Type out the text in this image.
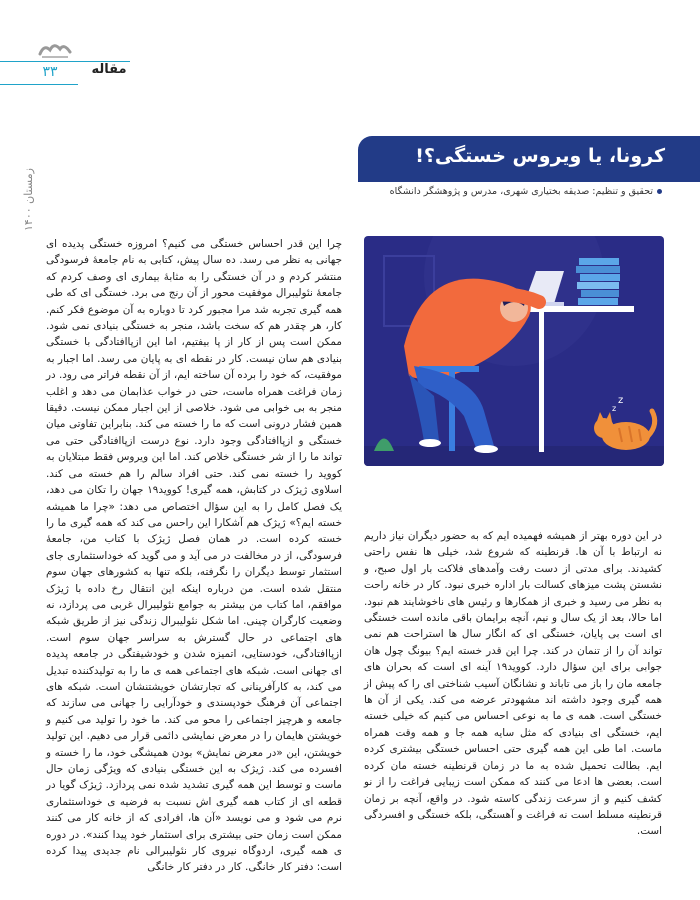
مقاله
۳۳
زمستان ۱۴۰۰
کرونا، یا ویروس خستگی؟!
تحقیق و تنظیم: صدیقه بختیاری شهری، مدرس و پژوهشگر دانشگاه
z
z

چرا این قدر احساس خستگی می کنیم؟ امروزه خستگی پدیده ای جهانی به نظر می رسد. ده سال پیش، کتابی به نام جامعهٔ فرسودگی منتشر کردم و در آن خستگی را به مثابهٔ بیماری ای وصف کردم که جامعهٔ نئولیبرال موفقیت محور از آن رنج می برد. خستگی ای که طی همه گیری تجربه شد مرا مجبور کرد تا دوباره به آن موضوع فکر کنم. کار، هر چقدر هم که سخت باشد، منجر به خستگی بنیادی نمی شود. ممکن است پس از کار از پا بیفتیم، اما این ازپاافتادگی با خستگی بنیادی هم سان نیست. کار در نقطه ای به پایان می رسد. اما اجبار به موفقیت، که خود را برده آن ساخته ایم، از آن نقطه فراتر می رود. در زمان فراغت همراه ماست، حتی در خواب عذابمان می دهد و اغلب منجر به بی خوابی می شود. خلاصی از این اجبار ممکن نیست. دقیقا همین فشار درونی است که ما را خسته می کند. بنابراین تفاوتی میان خستگی و ازپاافتادگی وجود دارد. نوع درست ازپاافتادگی حتی می تواند ما را از شر خستگی خلاص کند. اما این ویروس فقط مبتلایان به کووید را خسته نمی کند. حتی افراد سالم را هم خسته می کند. اسلاوی ژیژک در کتابش، همه گیری! کووید۱۹ جهان را تکان می دهد، یک فصل کامل را به این سؤال اختصاص می دهد: «چرا ما همیشه خسته ایم؟» ژیژک هم آشکارا این راحس می کند که همه گیری ما را خسته کرده است. در همان فصل ژیژک با کتاب من، جامعهٔ فرسودگی، از در مخالفت در می آید و می گوید که خوداستثماری جای استثمار توسط دیگران را نگرفته، بلکه تنها به کشورهای جهان سوم منتقل شده است. من درباره اینکه این انتقال رخ داده با ژیژک موافقم، اما کتاب من بیشتر به جوامع نئولیبرال غربی می پردازد، نه وضعیت کارگران چینی. اما شکل نئولیبرال زندگی نیز از طریق شبکه های اجتماعی در حال گسترش به سراسر جهان سوم است. ازپاافتادگی، خودستایی، اتمیزه شدن و خودشیفتگی در جامعه پدیده ای جهانی است. شبکه های اجتماعی همه ی ما را به تولیدکننده تبدیل می کند، به کارآفرینانی که تجارتشان خویشتنشان است. شبکه های اجتماعی آن فرهنگ خودپسندی و خودآرایی را جهانی می سازند که جامعه و هرچیز اجتماعی را محو می کند. ما خود را تولید می کنیم و خویشتن هایمان را در معرض نمایشی دائمی قرار می دهیم. این تولید خویشتن، این «در معرض نمایش» بودن همیشگی خود، ما را خسته و افسرده می کند. ژیژک به این خستگی بنیادی که ویژگی زمان حال ماست و توسط این همه گیری تشدید شده نمی پردازد. ژیژک گویا در قطعه ای از کتاب همه گیری اش نسبت به فرضیه ی خوداستثماری نرم می شود و می نویسد «آن ها، افرادی که از خانه کار می کنند ممکن است زمان حتی بیشتری برای استثمار خود پیدا کنند». در دوره ی همه گیری، اردوگاه نیروی کار نئولیبرالی نام جدیدی پیدا کرده است: دفتر کار خانگی. کار در دفتر کار خانگی

در این دوره بهتر از همیشه فهمیده ایم که به حضور دیگران نیاز داریم نه ارتباط با آن ها. قرنطینه که شروع شد، خیلی ها نفس راحتی کشیدند. برای مدتی از دست رفت وآمدهای فلاکت بار اول صبح، و نشستن پشت میزهای کسالت بار اداره خبری نبود. کار در خانه راحت به نظر می رسید و خبری از همکارها و رئیس های ناخوشایند هم نبود. اما حالا، بعد از یک سال و نیم، آنچه برایمان باقی مانده است خستگی ای است بی پایان، خستگی ای که انگار سال ها استراحت هم نمی تواند آن را از تنمان در کند. چرا این قدر خسته ایم؟ بیونگ چول هان جوابی برای این سؤال دارد. کووید۱۹ آینه ای است که بحران های جامعه مان را باز می تاباند و نشانگان آسیب شناختی ای را که پیش از همه گیری وجود داشته اند مشهودتر عرضه می کند. یکی از آن ها خستگی است. همه ی ما به نوعی احساس می کنیم که خیلی خسته ایم، خستگی ای بنیادی که مثل سایه همه جا و همه وقت همراه ماست. اما طی این همه گیری حتی احساس خستگی بیشتری کرده ایم. بطالت تحمیل شده به ما در زمان قرنطینه خسته مان کرده است. بعضی ها ادعا می کنند که ممکن است زیبایی فراغت را از نو کشف کنیم و از سرعت زندگی کاسته شود. در واقع، آنچه بر زمان قرنطینه مسلط است نه فراغت و آهستگی، بلکه خستگی و افسردگی است.
